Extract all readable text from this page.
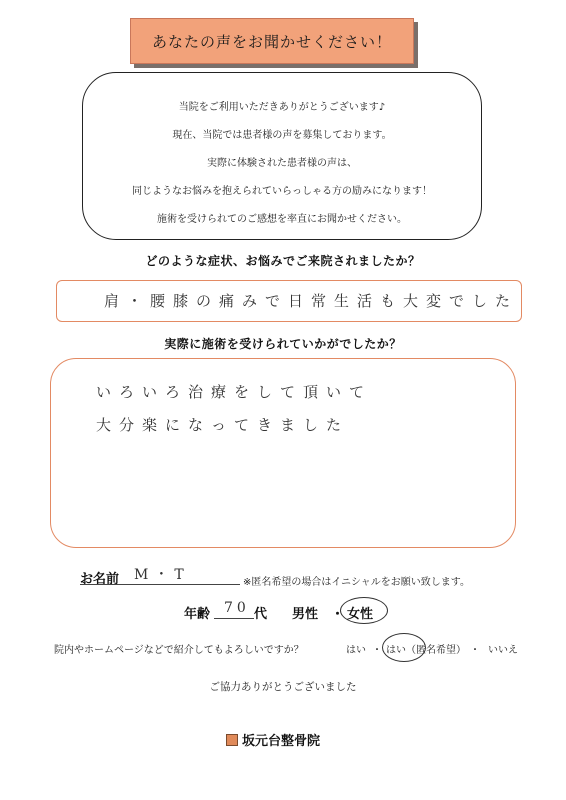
あなたの声をお聞かせください！
当院をご利用いただきありがとうございます♪
現在、当院では患者様の声を募集しております。
実際に体験された患者様の声は、
同じようなお悩みを抱えられていらっしゃる方の励みになります！
施術を受けられてのご感想を率直にお聞かせください。
どのような症状、お悩みでご来院されましたか？
肩・腰膝の痛みで日常生活も大変でした
実際に施術を受けられていかがでしたか？
いろいろ治療をして頂いて
大分楽になってきました
お名前 M・T	※匿名希望の場合はイニシャルをお願い致します。
年齢 70 代 男性 ・ 女性
院内やホームページなどで紹介してもよろしいですか？	はい ・ はい（匿名希望） ・ いいえ
ご協力ありがとうございました
坂元台整骨院
